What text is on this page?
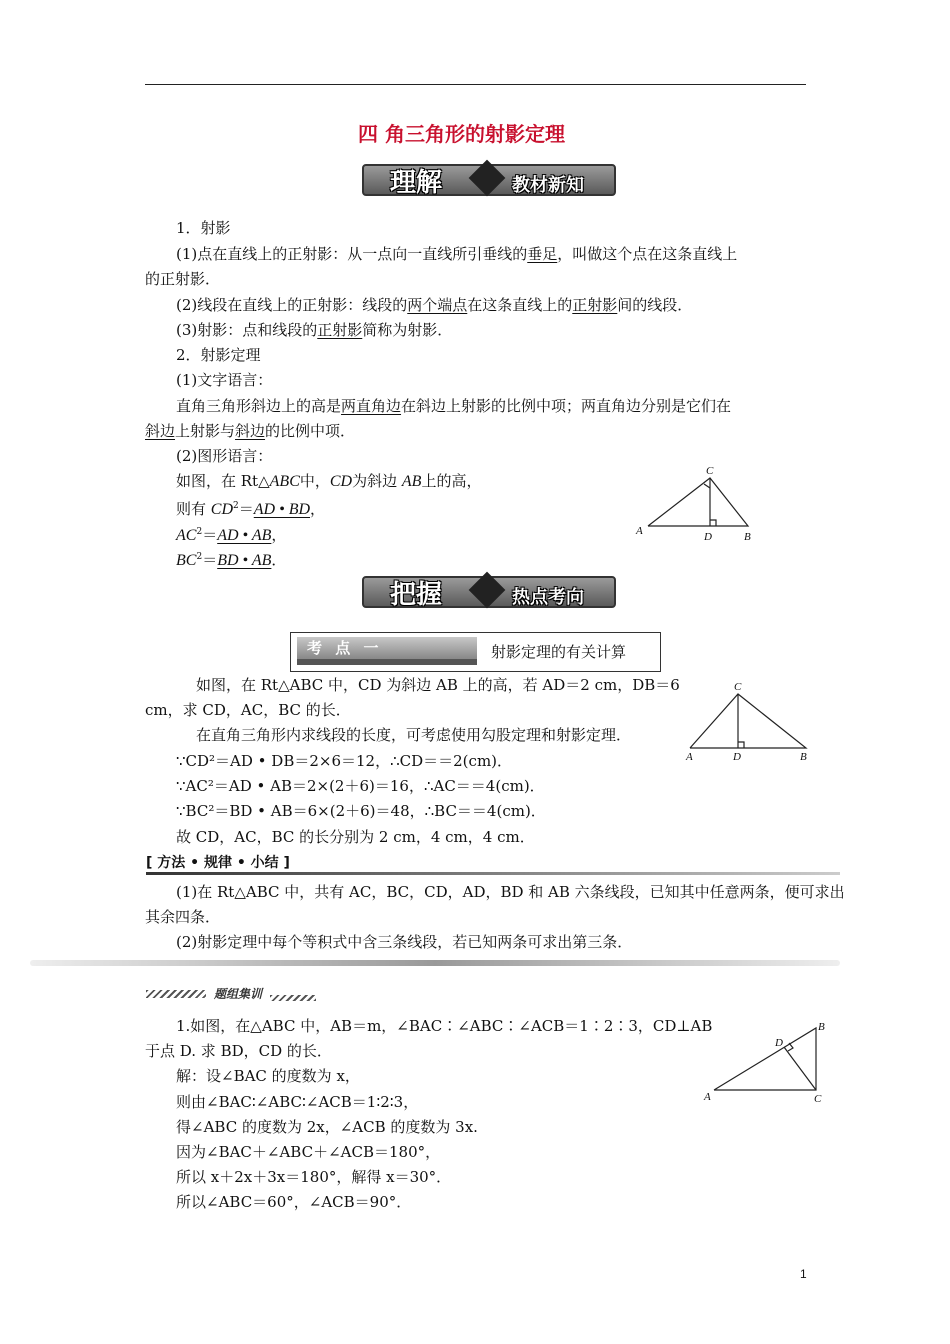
四 角三角形的射影定理
理解	教材新知
1．射影
(1)点在直线上的正射影：从一点向一直线所引垂线的垂足，叫做这个点在这条直线上
的正射影．
(2)线段在直线上的正射影：线段的两个端点在这条直线上的正射影间的线段．
(3)射影：点和线段的正射影简称为射影．
2．射影定理
(1)文字语言：
直角三角形斜边上的高是两直角边在斜边上射影的比例中项；两直角边分别是它们在
斜边上射影与斜边的比例中项．
(2)图形语言：
如图，在 Rt△ABC中，CD为斜边 AB上的高，
则有 $CD^2=AD$ • BD，
$AC^2=AD$ • AB，
$BC^2=BD$ • AB．
C
A	D	B
把握	热点考向
考 点 一	射影定理的有关计算
如图，在 Rt△ABC 中，CD 为斜边 AB 上的高，若 AD＝2 cm，DB＝6
cm，求 CD，AC，BC 的长．
在直角三角形内求线段的长度，可考虑使用勾股定理和射影定理．
∵CD²＝AD • DB＝2×6＝12，∴CD＝＝2(cm)．
∵AC²＝AD • AB＝2×(2＋6)＝16，∴AC＝＝4(cm)．
∵BC²＝BD • AB＝6×(2＋6)＝48，∴BC＝＝4(cm)．
故 CD，AC，BC 的长分别为 2 cm，4 cm，4 cm．
C
A	D	B
[ 方法 • 规律 • 小结 ]
(1)在 Rt△ABC 中，共有 AC，BC，CD，AD，BD 和 AB 六条线段，已知其中任意两条，便可求出
其余四条．
(2)射影定理中每个等积式中含三条线段，若已知两条可求出第三条．
题组集训
1.如图，在△ABC 中，AB＝m，∠BAC∶∠ABC∶∠ACB＝1∶2∶3，CD⊥AB
于点 D. 求 BD，CD 的长．
解：设∠BAC 的度数为 x，
则由∠BAC∶∠ABC∶∠ACB＝1∶2∶3，
得∠ABC 的度数为 2x，∠ACB 的度数为 3x.
因为∠BAC＋∠ABC＋∠ACB＝180°，
所以 x＋2x＋3x＝180°，解得 x＝30°．
所以∠ABC＝60°，∠ACB＝90°．
B
D
A	C
1
